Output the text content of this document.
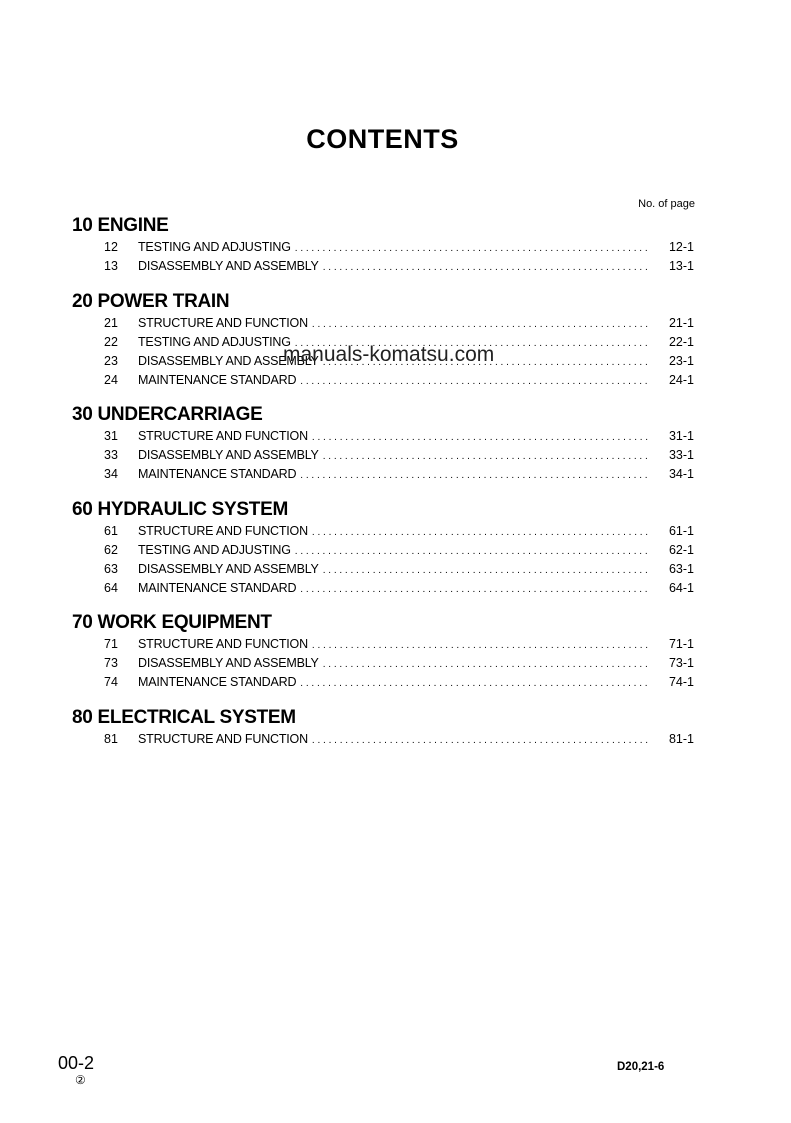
CONTENTS
No. of page
10 ENGINE
12	TESTING AND ADJUSTING . . .	12-1
13	DISASSEMBLY AND ASSEMBLY . . .	13-1
20 POWER TRAIN
21	STRUCTURE AND FUNCTION . . .	21-1
22	TESTING AND ADJUSTING . . .	22-1
23	DISASSEMBLY AND ASSEMBLY . . .	23-1
24	MAINTENANCE STANDARD . . .	24-1
30 UNDERCARRIAGE
31	STRUCTURE AND FUNCTION . . .	31-1
33	DISASSEMBLY AND ASSEMBLY . . .	33-1
34	MAINTENANCE STANDARD . . .	34-1
60 HYDRAULIC SYSTEM
61	STRUCTURE AND FUNCTION . . .	61-1
62	TESTING AND ADJUSTING . . .	62-1
63	DISASSEMBLY AND ASSEMBLY . . .	63-1
64	MAINTENANCE STANDARD . . .	64-1
70 WORK EQUIPMENT
71	STRUCTURE AND FUNCTION . . .	71-1
73	DISASSEMBLY AND ASSEMBLY . . .	73-1
74	MAINTENANCE STANDARD . . .	74-1
80 ELECTRICAL SYSTEM
81	STRUCTURE AND FUNCTION . . .	81-1
manuals-komatsu.com
00-2
②
D20,21-6
